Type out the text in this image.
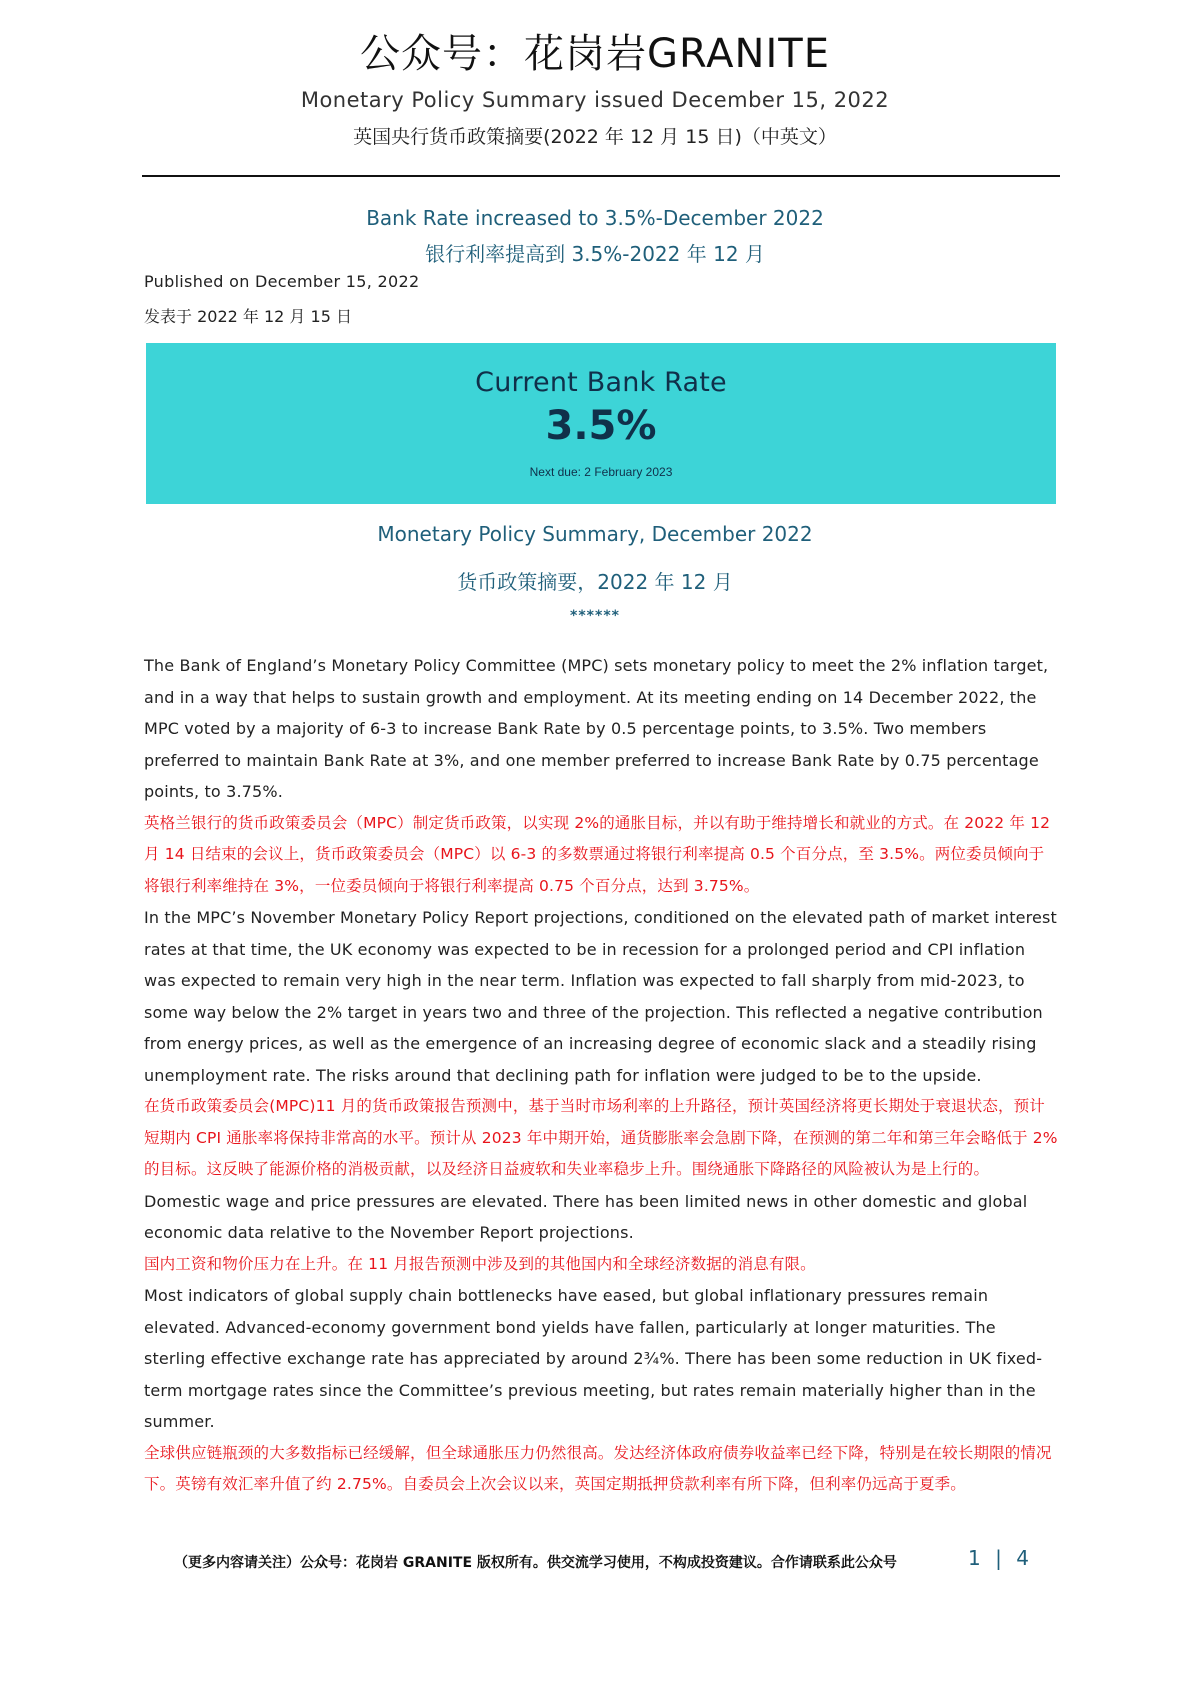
公众号：花岗岩GRANITE
Monetary Policy Summary issued December 15, 2022
英国央行货币政策摘要(2022 年 12 月 15 日)（中英文）
Bank Rate increased to 3.5%-December 2022
银行利率提高到 3.5%-2022 年 12 月
Published on December 15, 2022
发表于 2022 年 12 月 15 日
Current Bank Rate
3.5%
Next due: 2 February 2023
Monetary Policy Summary, December 2022
货币政策摘要，2022 年 12 月
******

The Bank of England’s Monetary Policy Committee (MPC) sets monetary policy to meet the 2% inflation target, and in a way that helps to sustain growth and employment. At its meeting ending on 14 December 2022, the MPC voted by a majority of 6-3 to increase Bank Rate by 0.5 percentage points, to 3.5%. Two members preferred to maintain Bank Rate at 3%, and one member preferred to increase Bank Rate by 0.75 percentage points, to 3.75%.

英格兰银行的货币政策委员会（MPC）制定货币政策，以实现 2%的通胀目标，并以有助于维持增长和就业的方式。在 2022 年 12 月 14 日结束的会议上，货币政策委员会（MPC）以 6-3 的多数票通过将银行利率提高 0.5 个百分点，至 3.5%。两位委员倾向于将银行利率维持在 3%，一位委员倾向于将银行利率提高 0.75 个百分点，达到 3.75%。

In the MPC’s November Monetary Policy Report projections, conditioned on the elevated path of market interest rates at that time, the UK economy was expected to be in recession for a prolonged period and CPI inflation was expected to remain very high in the near term. Inflation was expected to fall sharply from mid-2023, to some way below the 2% target in years two and three of the projection. This reflected a negative contribution from energy prices, as well as the emergence of an increasing degree of economic slack and a steadily rising unemployment rate. The risks around that declining path for inflation were judged to be to the upside.

在货币政策委员会(MPC)11 月的货币政策报告预测中，基于当时市场利率的上升路径，预计英国经济将更长期处于衰退状态，预计短期内 CPI 通胀率将保持非常高的水平。预计从 2023 年中期开始，通货膨胀率会急剧下降，在预测的第二年和第三年会略低于 2%的目标。这反映了能源价格的消极贡献，以及经济日益疲软和失业率稳步上升。围绕通胀下降路径的风险被认为是上行的。

Domestic wage and price pressures are elevated. There has been limited news in other domestic and global economic data relative to the November Report projections.

国内工资和物价压力在上升。在 11 月报告预测中涉及到的其他国内和全球经济数据的消息有限。

Most indicators of global supply chain bottlenecks have eased, but global inflationary pressures remain elevated. Advanced-economy government bond yields have fallen, particularly at longer maturities. The sterling effective exchange rate has appreciated by around 2¾%. There has been some reduction in UK fixed-term mortgage rates since the Committee’s previous meeting, but rates remain materially higher than in the summer.

全球供应链瓶颈的大多数指标已经缓解，但全球通胀压力仍然很高。发达经济体政府债券收益率已经下降，特别是在较长期限的情况下。英镑有效汇率升值了约 2.75%。自委员会上次会议以来，英国定期抵押贷款利率有所下降，但利率仍远高于夏季。

（更多内容请关注）公众号：花岗岩 GRANITE 版权所有。供交流学习使用，不构成投资建议。合作请联系此公众号	1 | 4
